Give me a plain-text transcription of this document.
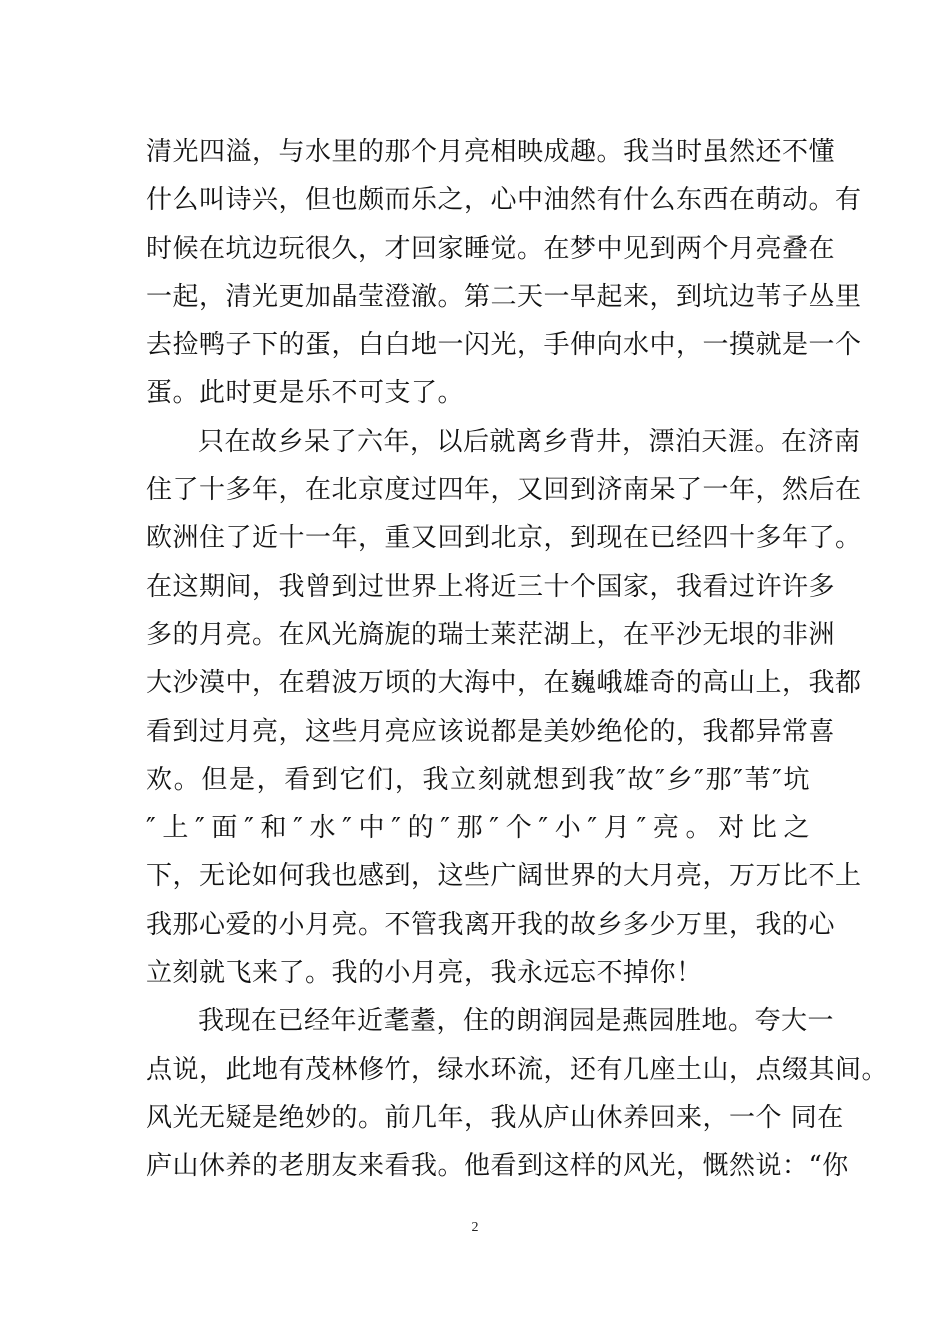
清光四溢，与水里的那个月亮相映成趣。我当时虽然还不懂
什么叫诗兴，但也颇而乐之，心中油然有什么东西在萌动。有
时候在坑边玩很久，才回家睡觉。在梦中见到两个月亮叠在
一起，清光更加晶莹澄澈。第二天一早起来，到坑边苇子丛里
去捡鸭子下的蛋，白白地一闪光，手伸向水中，一摸就是一个
蛋。此时更是乐不可支了。
只在故乡呆了六年，以后就离乡背井，漂泊天涯。在济南
住了十多年，在北京度过四年，又回到济南呆了一年，然后在
欧洲住了近十一年，重又回到北京，到现在已经四十多年了。
在这期间，我曾到过世界上将近三十个国家，我看过许许多
多的月亮。在风光旖旎的瑞士莱茫湖上，在平沙无垠的非洲
大沙漠中，在碧波万顷的大海中，在巍峨雄奇的高山上，我都
看到过月亮，这些月亮应该说都是美妙绝伦的，我都异常喜
欢。但是，看到它们，我立刻就想到我″故″乡″那″苇″坑
″上″面″和″水″中″的″那″个″小″月″亮。对比之
下，无论如何我也感到，这些广阔世界的大月亮，万万比不上
我那心爱的小月亮。不管我离开我的故乡多少万里，我的心
立刻就飞来了。我的小月亮，我永远忘不掉你！
我现在已经年近耄耋，住的朗润园是燕园胜地。夸大一
点说，此地有茂林修竹，绿水环流，还有几座土山，点缀其间。
风光无疑是绝妙的。前几年，我从庐山休养回来，一个 同在
庐山休养的老朋友来看我。他看到这样的风光，慨然说：“你
2
